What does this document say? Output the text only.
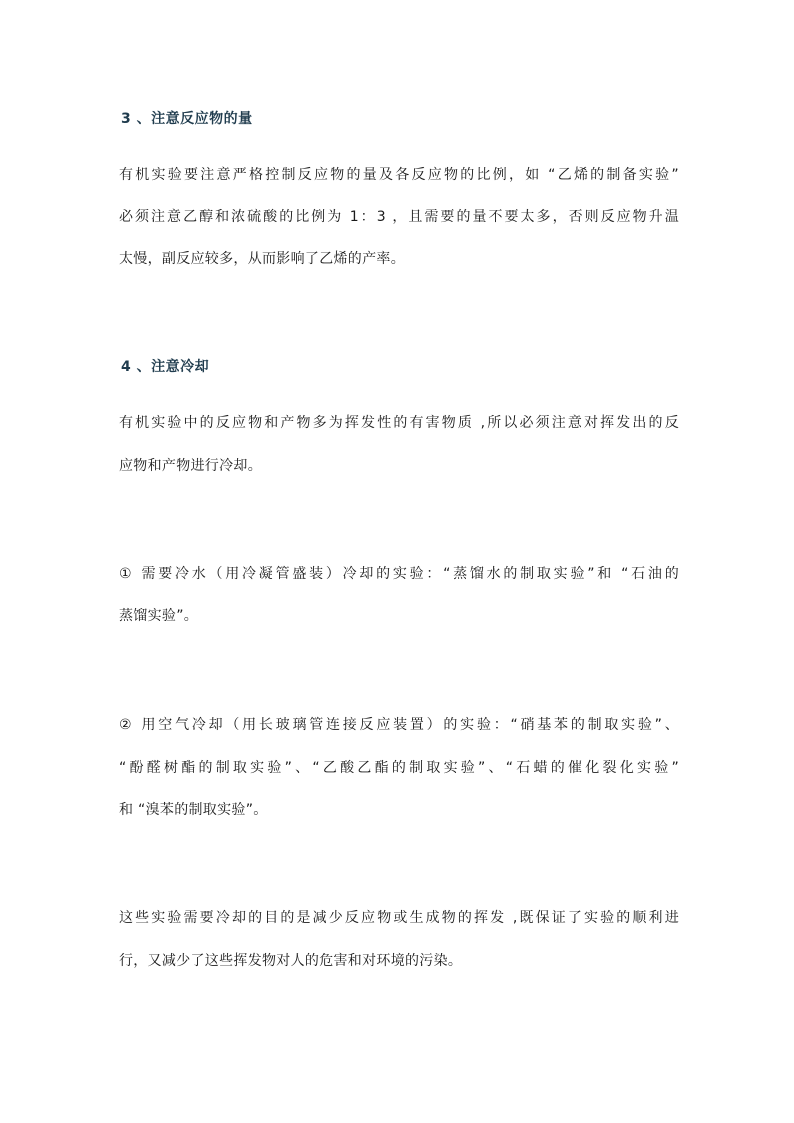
3 、注意反应物的量
有机实验要注意严格控制反应物的量及各反应物的比例，如 “乙烯的制备实验”
必须注意乙醇和浓硫酸的比例为 1：3 ，且需要的量不要太多，否则反应物升温
太慢，副反应较多，从而影响了乙烯的产率。
4 、注意冷却
有机实验中的反应物和产物多为挥发性的有害物质 ,所以必须注意对挥发出的反
应物和产物进行冷却。
① 需要冷水（用冷凝管盛装）冷却的实验：“蒸馏水的制取实验”和 “石油的
蒸馏实验”。
② 用空气冷却（用长玻璃管连接反应装置）的实验：“硝基苯的制取实验”、
“酚醛树酯的制取实验”、“乙酸乙酯的制取实验”、“石蜡的催化裂化实验”
和 “溴苯的制取实验”。
这些实验需要冷却的目的是减少反应物或生成物的挥发 ,既保证了实验的顺利进
行，又减少了这些挥发物对人的危害和对环境的污染。
